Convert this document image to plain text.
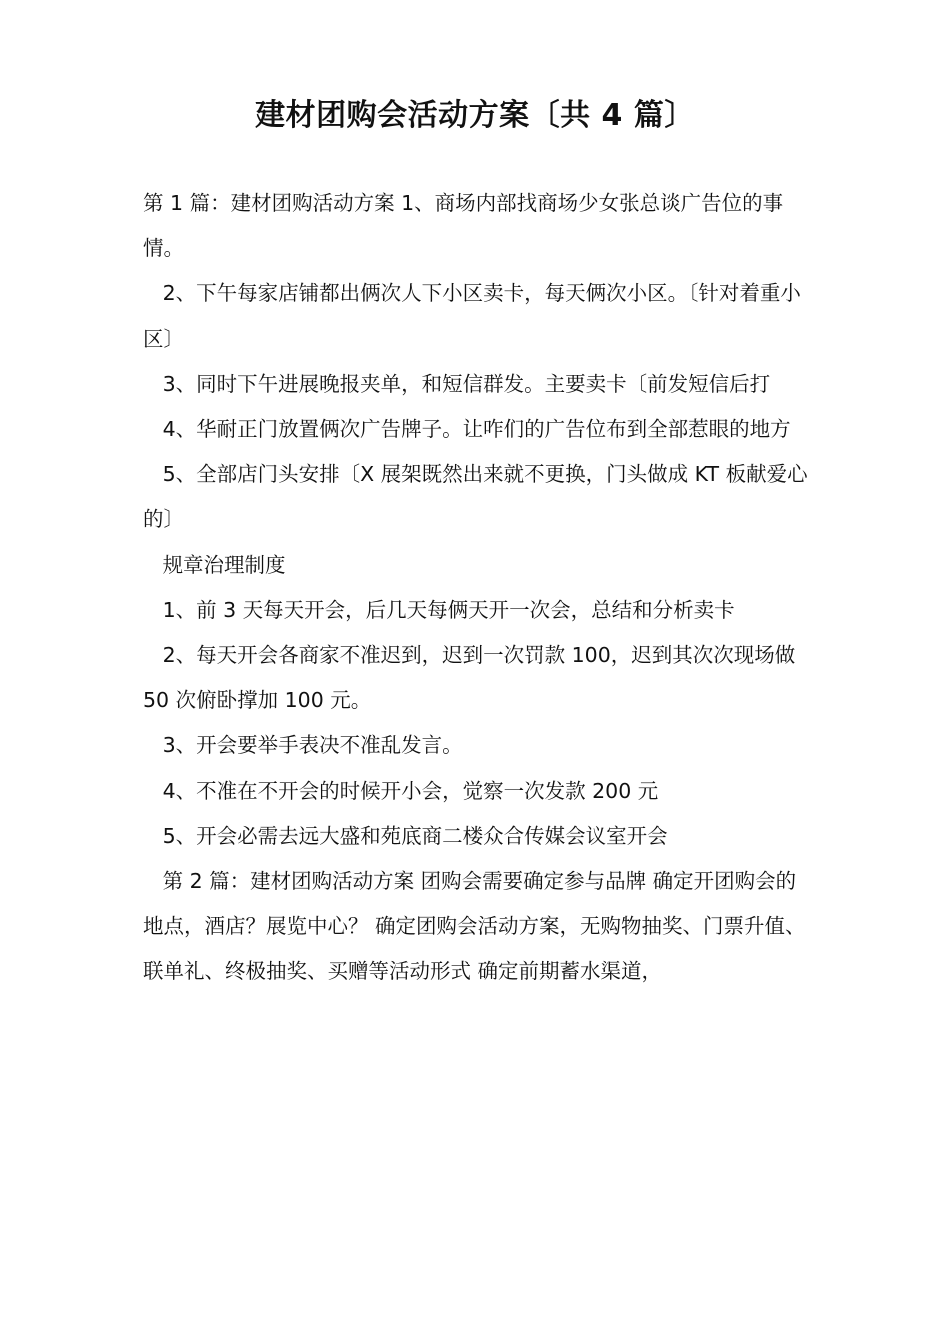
建材团购会活动方案〔共 4 篇〕

第 1 篇：建材团购活动方案 1、商场内部找商场少女张总谈广告位的事情。

2、下午每家店铺都出俩次人下小区卖卡，每天俩次小区。〔针对着重小区〕

3、同时下午进展晚报夹单，和短信群发。主要卖卡〔前发短信后打

4、华耐正门放置俩次广告牌子。让咋们的广告位布到全部惹眼的地方

5、全部店门头安排〔X 展架既然出来就不更换，门头做成 KT 板献爱心的〕

规章治理制度

1、前 3 天每天开会，后几天每俩天开一次会，总结和分析卖卡

2、每天开会各商家不准迟到，迟到一次罚款 100，迟到其次次现场做 50 次俯卧撑加 100 元。

3、开会要举手表决不准乱发言。

4、不准在不开会的时候开小会，觉察一次发款 200 元

5、开会必需去远大盛和苑底商二楼众合传媒会议室开会

第 2 篇：建材团购活动方案 团购会需要确定参与品牌 确定开团购会的地点，酒店？展览中心？ 确定团购会活动方案，无购物抽奖、门票升值、联单礼、终极抽奖、买赠等活动形式 确定前期蓄水渠道，
